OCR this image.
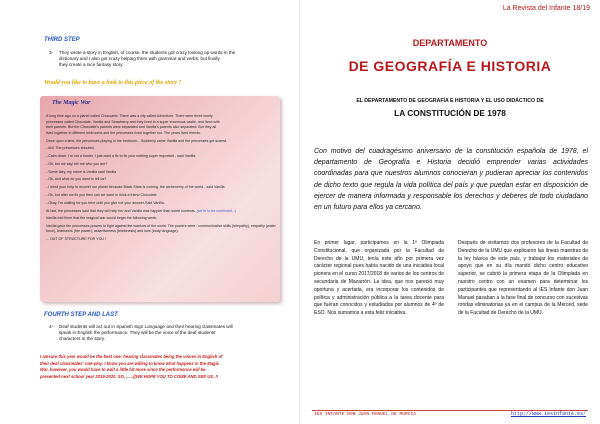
THIRD STEP
3- They wrote a story in English, of course, the students got crazy looking up words in the
dictionary and I also got crazy helping them with grammar and verbs, but finally
they create a nice fantasy story.
Would you like to have a look to this piece of the story ?
The Magic War

A long time ago on a planet called Chocoarte. There was a city called Adventure. There were three lovely

princesses called Chocolate, Vanilla and Strawberry and they lived in a super enormous castle, and lived with

their parents. But the Chocolate's parents were separated and Vanilla's parents also separated. But they all

lived together in different bedrooms and the princesses lived together too. The years lived friends.

Once upon a time, the princesses playing in the bedroom... Suddenly came Vanilla and the princesses got scared.

- Ah!! The princesses shouted.

- Calm down, I'm not a hunter, I just want a fix to fix your nothing super important - said Vanilla.

- Oh, but we say! tell me who you are?

- Some fairy, my name is Vanilla said Vanilla

- Ok, and what do you want to tell us?

- I need your help to recover our planet because Black Stars is coming, the archenemy of the world - said Vanilla

- Ok, but after we fix you then can we want to think a friend Chocolate

- Okay, I'm waiting for you here until you give me your answer-Said Vanilla.

At last, the princesses said that they will help her and Vanilla was happier than some contests. (we're to be continued...)

Vanilla told them that the magical war would begin the following week.

Vanilla gave the princesses powers to fight against the warriors of the world. The powers were : communicative skills (telepathy), empathy (water force), teamwork (fire power), assertiveness (telekinesis) and love (body language).

... OUT OF STRUCTURE FOR YOU !

FOURTH STEP AND LAST
4- Deaf students will act out in Spanish Sign Language and their hearing classmates will
speak in English the performance. They will be the voice of the deaf students'
characters in the story.
I amsure this year would be the best one: hearing classmates being the voices in English of
their deaf classmates' role-play. I know you are willing to know what happens in the Magic
War, however, you would have to wait a little bit more since the performance will be
presented next school year 2019-2020. SO, ......((WE HOPE YOU TO COME AND SEE US. !!
La Revista del Infante 18/19
DEPARTAMENTO
DE GEOGRAFÍA E HISTORIA
EL DEPARTAMENTO DE GEOGRAFÍA E HISTORIA Y EL USO DIDÁCTICO DE
LA CONSTITUCIÓN DE 1978
Con motivo del cuadragésimo aniversario de la constitución española de 1978, el departamento de Geografía e Historia decidió emprender varias actividades coordinadas para que nuestros alumnos conocieran y pudieran apreciar los contenidos de dicho texto que regula la vida política del país y que puedan estar en disposición de ejercer de manera informada y responsable los derechos y deberes de todo ciudadano en un futuro para ellos ya cercano.
En primer lugar, participamos en la 1ª Olimpiada Constitucional, que organizada por la Facultad de Derecho de la UMU, tenía este año por primera vez carácter regional pues había nacido de una iniciativa local pionera en el curso 2017/2018 de varios de los centros de secundaria de Mazarrón. La idea, que nos pareció muy oportuna y acertada, era incorporar los contenidos de política y administración pública a la tarea docente para que fueran conocidos y estudiados por alumnos de 4º de ESO. Nos sumamos a esta feliz iniciativa.
Después de visitarnos dos profesores de la Facultad de Derecho de la UMU que explicaron las líneas maestras de la ley básica de este país, y trabajar los materiales de apoyo que en su día mandó dicho centro educativo superior, se cubrió la primera etapa de la Olimpiada en nuestro centro con un examen para determinar los participantes que representando al IES Infante don Juan Manuel pasaban a la fase final de concurso con sucesivas rondas eliminatorias ya en el campus de la Merced, sede de la Facultad de Derecho de la UMU.
IES INFANTE DON JUAN MANUEL DE MURCIA	http://www.iesinfante.es/
